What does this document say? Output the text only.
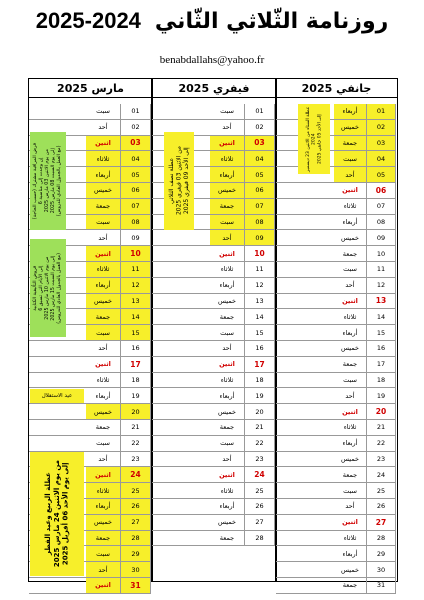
روزنامة الثّلاثي الثّاني
2025-2024
benabdallahs@yahoo.fr
جانفي 2025
فيفري 2025
مارس 2025
01
أربعاء
02
خميس
03
جمعة
04
سبت
05
أحد
06
اثنين
07
ثلاثاء
08
أربعاء
09
خميس
10
جمعة
11
سبت
12
أحد
13
اثنين
14
ثلاثاء
15
أربعاء
16
خميس
17
جمعة
18
سبت
19
أحد
20
اثنين
21
ثلاثاء
22
أربعاء
23
خميس
24
جمعة
25
سبت
26
أحد
27
اثنين
28
ثلاثاء
29
أربعاء
30
خميس
31
جمعة
01
سبت
02
أحد
03
اثنين
04
ثلاثاء
05
أربعاء
06
خميس
07
جمعة
08
سبت
09
أحد
10
اثنين
11
ثلاثاء
12
أربعاء
13
خميس
14
جمعة
15
سبت
16
أحد
17
اثنين
18
ثلاثاء
19
أربعاء
20
خميس
21
جمعة
22
سبت
23
أحد
24
اثنين
25
ثلاثاء
26
أربعاء
27
خميس
28
جمعة
01
سبت
02
أحد
03
اثنين
04
ثلاثاء
05
أربعاء
06
خميس
07
جمعة
08
سبت
09
أحد
10
اثنين
11
ثلاثاء
12
أربعاء
13
خميس
14
جمعة
15
سبت
16
أحد
17
اثنين
18
ثلاثاء
19
أربعاء
20
خميس
21
جمعة
22
سبت
23
أحد
24
اثنين
25
ثلاثاء
26
أربعاء
27
خميس
28
جمعة
29
سبت
30
أحد
31
اثنين
عطلة الشتاء من الاثنين 23 ديسمبر 2024
إلى الأحد 05 جانفي 2025
عطلة نصف الثلاثي
من الاثنين 03 فيفري 2025
إلى الأحد 09 فيفري 2025
فرض المراقبة مشترك (حسب الحاجة)
إن وجدت إلى مناسبة 6
من يوم الاثنين 03 مارس 2025
إلى يوم السبت 08 مارس 2025
(مع العمل بالجدول العادي للدروس)
فروض التأليفية الكتابية
إلى الأيام التي تسبق 6
من يوم الاثنين 10 مارس 2025
إلى يوم السبت 15 مارس 2025
(مع العمل بالجدول العادي للدروس)
عيد الاستقلال
عطلة الربيع وعيد الفطر
من يوم الاثنين 24 مارس 2025
إلى يوم الأحد 06 أفريل 2025
